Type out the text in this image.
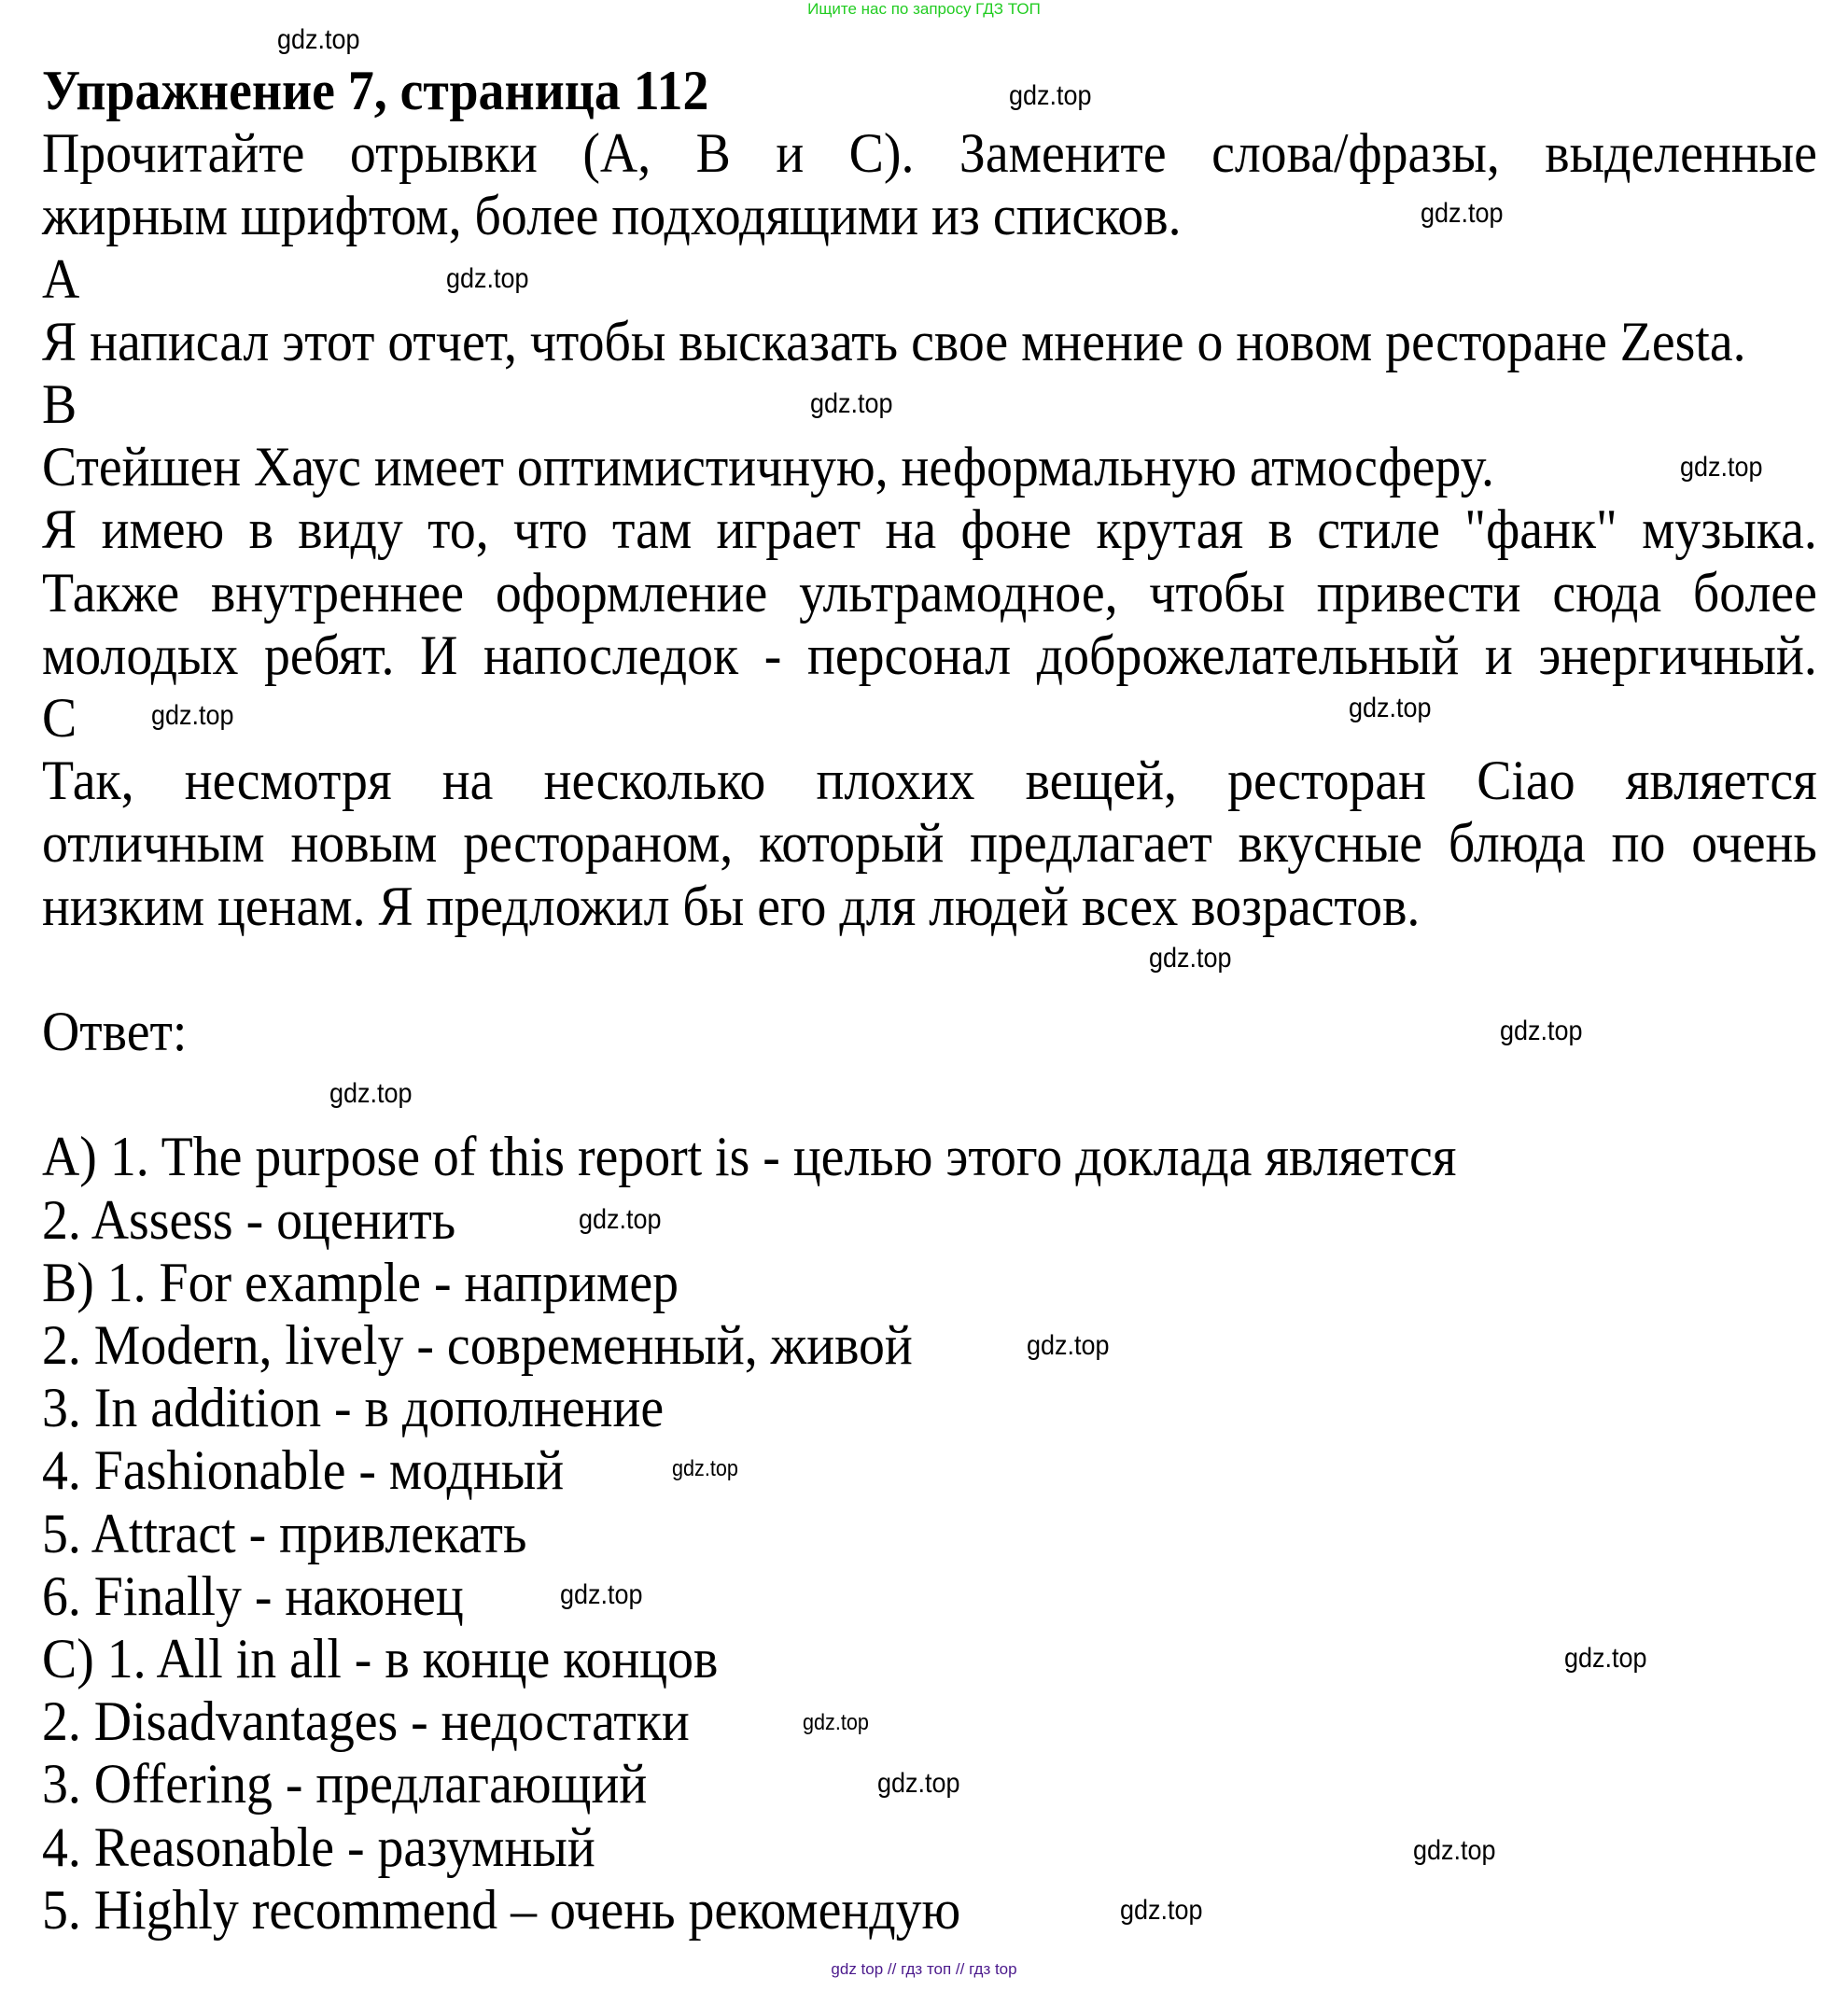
Ищите нас по запросу ГДЗ ТОП
Упражнение 7, страница 112
Прочитайте отрывки (A, B и C). Замените слова/фразы, выделенные
жирным шрифтом, более подходящими из списков.
A
Я написал этот отчет, чтобы высказать свое мнение о новом ресторане Zesta.
B
Стейшен Хаус имеет оптимистичную, неформальную атмосферу.
Я имею в виду то, что там играет на фоне крутая в стиле "фанк" музыка.
Также внутреннее оформление ультрамодное, чтобы привести сюда более
молодых ребят. И напоследок - персонал доброжелательный и энергичный.
C
Так, несмотря на несколько плохих вещей, ресторан Ciao является
отличным новым рестораном, который предлагает вкусные блюда по очень
низким ценам. Я предложил бы его для людей всех возрастов.
Ответ:
A) 1. The purpose of this report is - целью этого доклада является
2. Assess - оценить
B) 1. For example - например
2. Modern, lively - современный, живой
3. In addition - в дополнение
4. Fashionable - модный
5. Attract - привлекать
6. Finally - наконец
C) 1. All in all - в конце концов
2. Disadvantages - недостатки
3. Offering - предлагающий
4. Reasonable - разумный
5. Highly recommend – очень рекомендую
gdz.top
gdz.top
gdz.top
gdz.top
gdz.top
gdz.top
gdz.top
gdz.top
gdz.top
gdz.top
gdz.top
gdz.top
gdz.top
gdz.top
gdz.top
gdz.top
gdz.top
gdz.top
gdz.top
gdz.top
gdz top // гдз топ // гдз top
